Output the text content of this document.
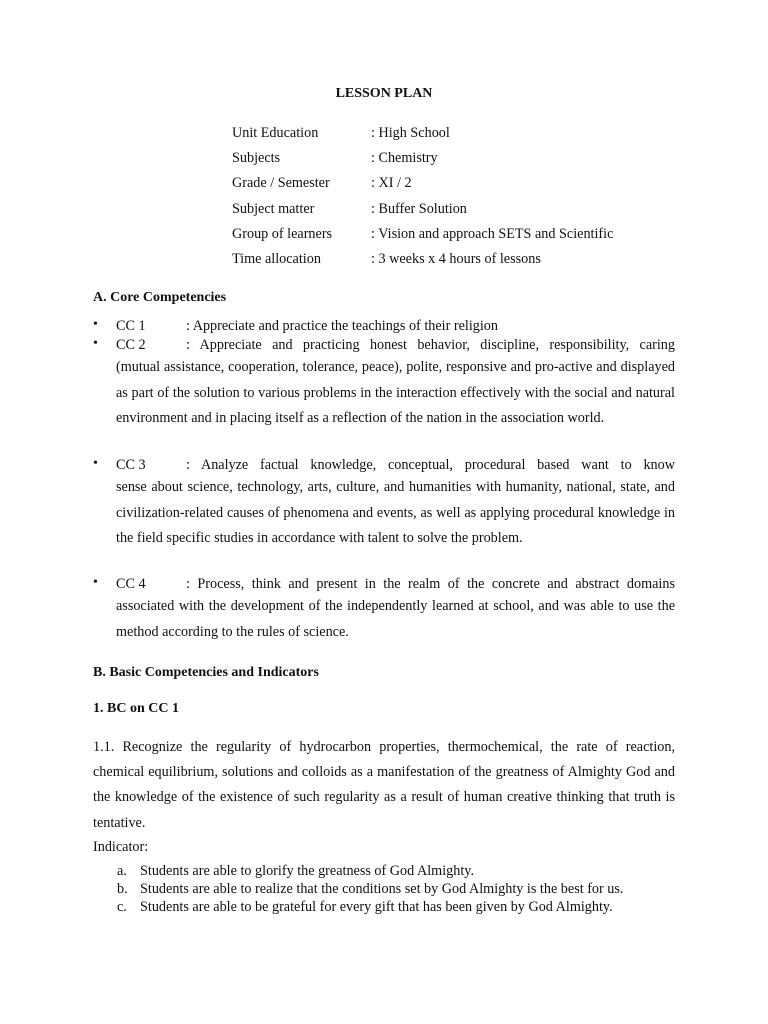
LESSON PLAN
Unit Education	: High School
Subjects	: Chemistry
Grade / Semester	: XI / 2
Subject matter	: Buffer Solution
Group of learners	: Vision and approach SETS and Scientific
Time allocation	: 3 weeks x 4 hours of lessons
A. Core Competencies
• CC 1	: Appreciate and practice the teachings of their religion
• CC 2	: Appreciate and practicing honest behavior, discipline, responsibility, caring
(mutual assistance, cooperation, tolerance, peace), polite, responsive and pro-active and displayed as part of the solution to various problems in the interaction effectively with the social and natural environment and in placing itself as a reflection of the nation in the association world.
• CC 3	: Analyze factual knowledge, conceptual, procedural based want to know
sense about science, technology, arts, culture, and humanities with humanity, national, state, and civilization-related causes of phenomena and events, as well as applying procedural knowledge in the field specific studies in accordance with talent to solve the problem.
• CC 4	: Process, think and present in the realm of the concrete and abstract domains
associated with the development of the independently learned at school, and was able to use the method according to the rules of science.
B. Basic Competencies and Indicators
1. BC on CC 1
1.1. Recognize the regularity of hydrocarbon properties, thermochemical, the rate of reaction, chemical equilibrium, solutions and colloids as a manifestation of the greatness of Almighty God and the knowledge of the existence of such regularity as a result of human creative thinking that truth is tentative.
Indicator:
a. Students are able to glorify the greatness of God Almighty.
b. Students are able to realize that the conditions set by God Almighty is the best for us.
c. Students are able to be grateful for every gift that has been given by God Almighty.
